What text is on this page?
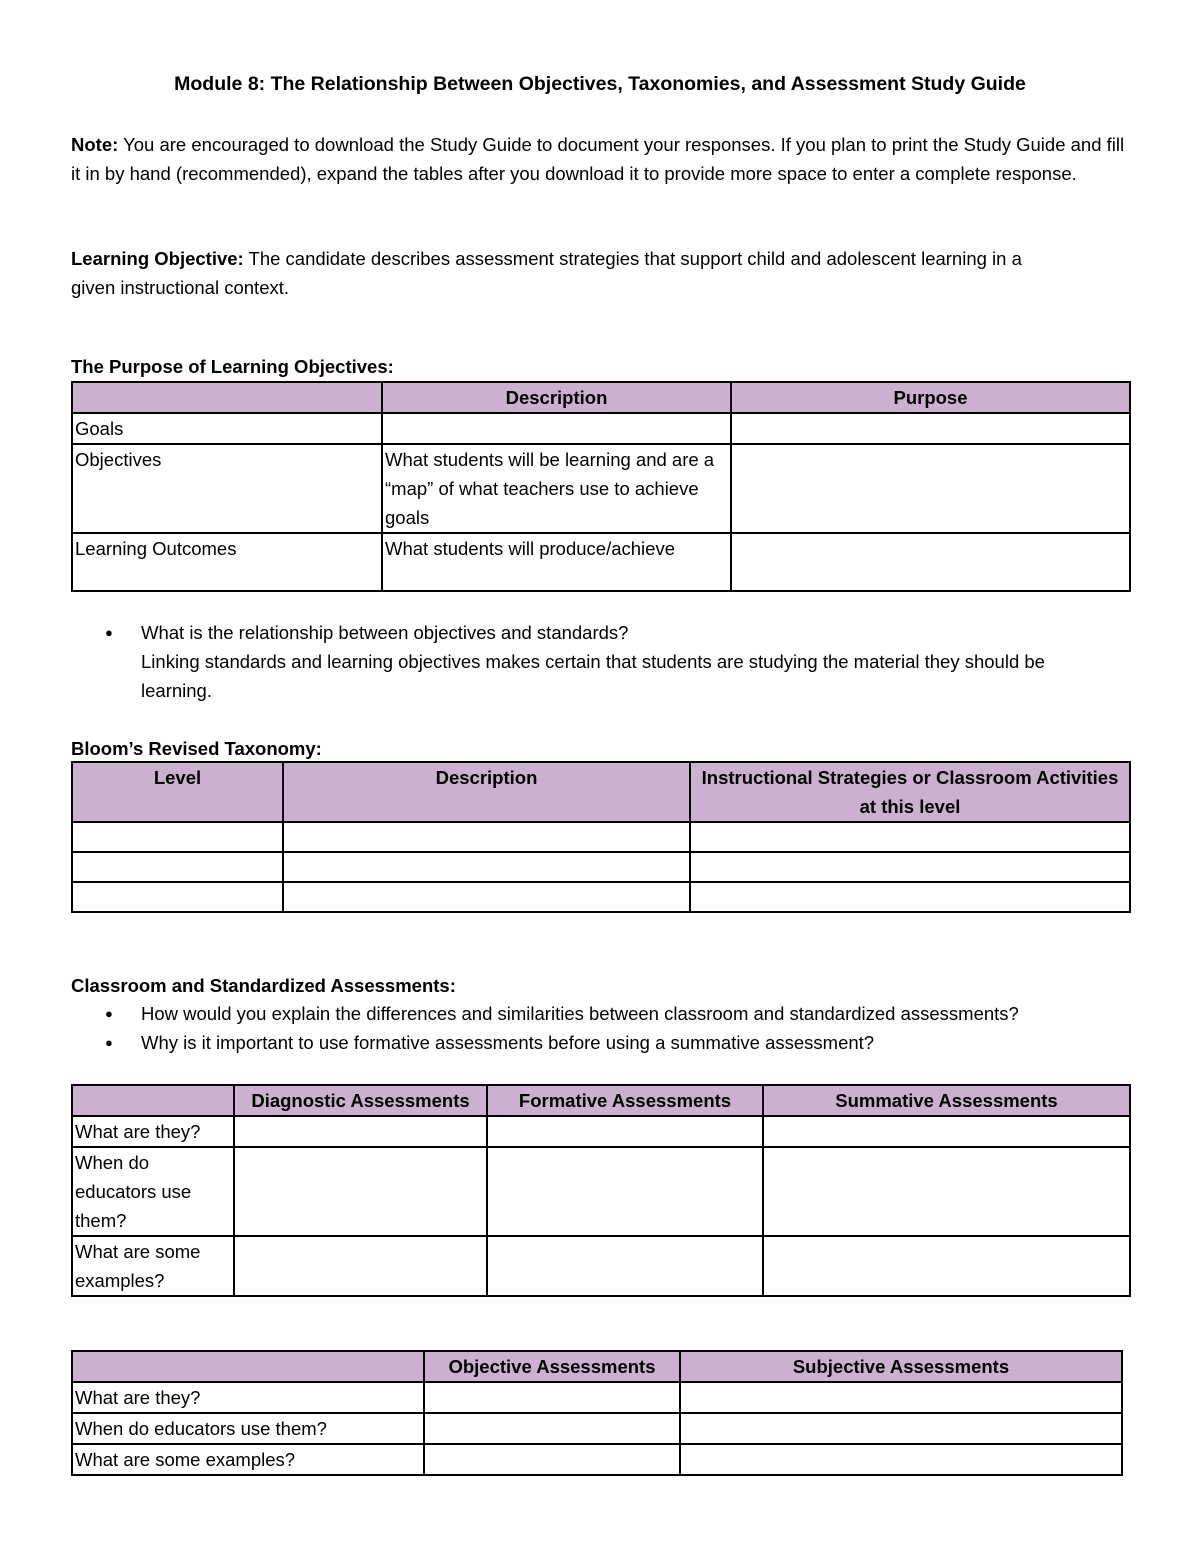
Module 8: The Relationship Between Objectives, Taxonomies, and Assessment Study Guide
Note: You are encouraged to download the Study Guide to document your responses. If you plan to print the Study Guide and fill it in by hand (recommended), expand the tables after you download it to provide more space to enter a complete response.
Learning Objective: The candidate describes assessment strategies that support child and adolescent learning in a given instructional context.
The Purpose of Learning Objectives:
	Description	Purpose
Goals		
Objectives	What students will be learning and are a “map” of what teachers use to achieve goals	
Learning Outcomes	What students will produce/achieve	
● What is the relationship between objectives and standards?
Linking standards and learning objectives makes certain that students are studying the material they should be learning.
Bloom’s Revised Taxonomy:
Level	Description	Instructional Strategies or Classroom Activities at this level

Classroom and Standardized Assessments:
● How would you explain the differences and similarities between classroom and standardized assessments?
● Why is it important to use formative assessments before using a summative assessment?
	Diagnostic Assessments	Formative Assessments	Summative Assessments
What are they?			
When do educators use them?			
What are some examples?			
	Objective Assessments	Subjective Assessments
What are they?		
When do educators use them?		
What are some examples?		
